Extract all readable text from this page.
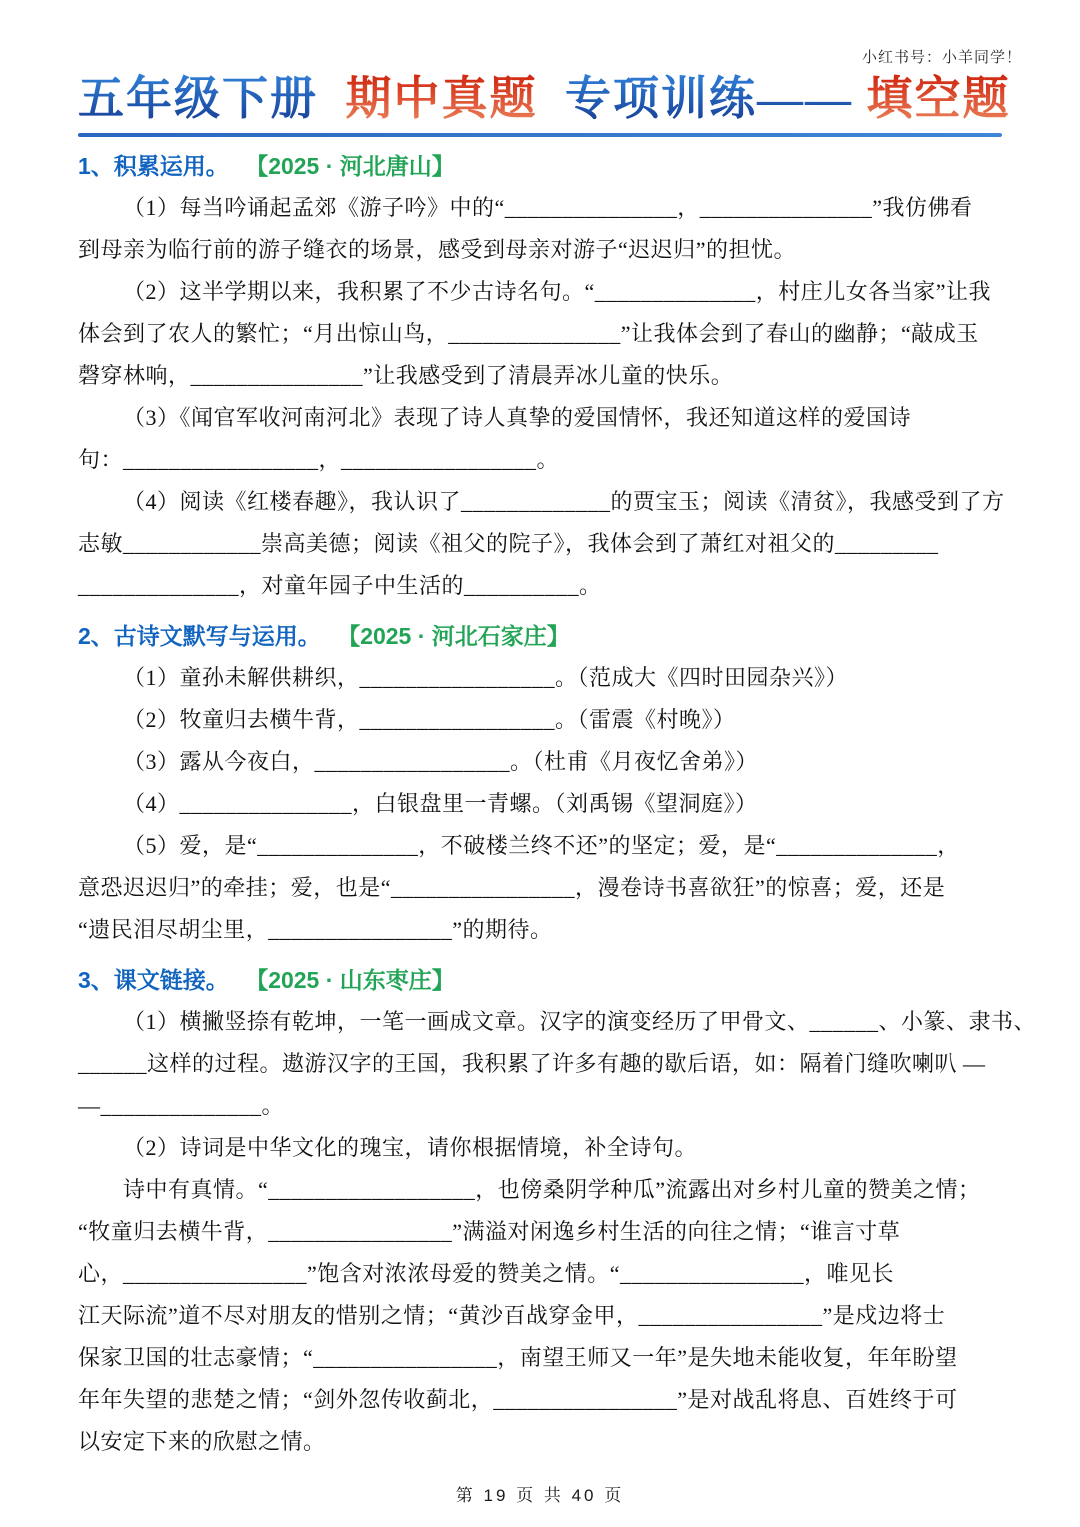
小红书号：小羊同学！
五年级下册 期中真题 专项训练—— 填空题
1、积累运用。 【2025 · 河北唐山】
（1）每当吟诵起孟郊《游子吟》中的“_______________，_______________”我仿佛看
到母亲为临行前的游子缝衣的场景，感受到母亲对游子“迟迟归”的担忧。
（2）这半学期以来，我积累了不少古诗名句。“______________，村庄儿女各当家”让我
体会到了农人的繁忙；“月出惊山鸟，_______________”让我体会到了春山的幽静；“敲成玉
磬穿林响，_______________”让我感受到了清晨弄冰儿童的快乐。
（3）《闻官军收河南河北》表现了诗人真挚的爱国情怀，我还知道这样的爱国诗
句：_________________，_________________。
（4）阅读《红楼春趣》，我认识了_____________的贾宝玉；阅读《清贫》，我感受到了方
志敏____________崇高美德；阅读《祖父的院子》，我体会到了萧红对祖父的_________
______________，对童年园子中生活的__________。
2、古诗文默写与运用。 【2025 · 河北石家庄】
（1）童孙未解供耕织，_________________。（范成大《四时田园杂兴》）
（2）牧童归去横牛背，_________________。（雷震《村晚》）
（3）露从今夜白，_________________。（杜甫《月夜忆舍弟》）
（4）_______________，白银盘里一青螺。（刘禹锡《望洞庭》）
（5）爱，是“______________，不破楼兰终不还”的坚定；爱，是“______________，
意恐迟迟归”的牵挂；爱，也是“________________，漫卷诗书喜欲狂”的惊喜；爱，还是
“遗民泪尽胡尘里，________________”的期待。
3、课文链接。 【2025 · 山东枣庄】
（1）横撇竖捺有乾坤，一笔一画成文章。汉字的演变经历了甲骨文、______、小篆、隶书、
______这样的过程。遨游汉字的王国，我积累了许多有趣的歇后语，如：隔着门缝吹喇叭 —
—______________。
（2）诗词是中华文化的瑰宝，请你根据情境，补全诗句。
诗中有真情。“__________________，也傍桑阴学种瓜”流露出对乡村儿童的赞美之情；
“牧童归去横牛背，________________”满溢对闲逸乡村生活的向往之情；“谁言寸草
心，________________”饱含对浓浓母爱的赞美之情。“________________，唯见长
江天际流”道不尽对朋友的惜别之情；“黄沙百战穿金甲，________________”是戍边将士
保家卫国的壮志豪情；“________________，南望王师又一年”是失地未能收复，年年盼望
年年失望的悲楚之情；“剑外忽传收蓟北，________________”是对战乱将息、百姓终于可
以安定下来的欣慰之情。
第 19 页 共 40 页
